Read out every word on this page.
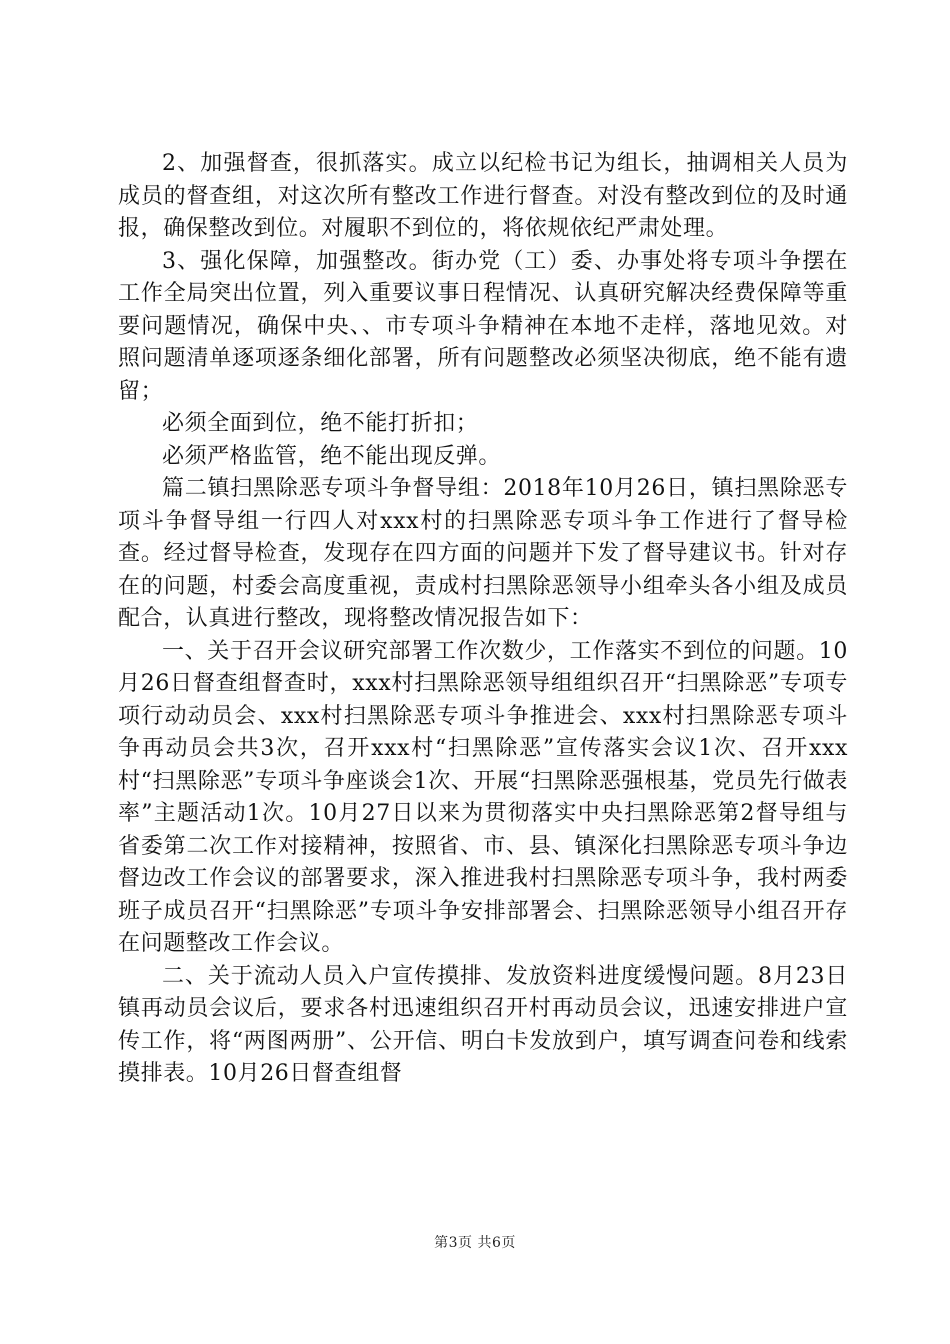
2、加强督查，很抓落实。成立以纪检书记为组长，抽调相关人员为成员的督查组，对这次所有整改工作进行督查。对没有整改到位的及时通报，确保整改到位。对履职不到位的，将依规依纪严肃处理。

3、强化保障，加强整改。街办党（工）委、办事处将专项斗争摆在工作全局突出位置，列入重要议事日程情况、认真研究解决经费保障等重要问题情况，确保中央、、市专项斗争精神在本地不走样，落地见效。对照问题清单逐项逐条细化部署，所有问题整改必须坚决彻底，绝不能有遗留；

必须全面到位，绝不能打折扣；

必须严格监管，绝不能出现反弹。

篇二镇扫黑除恶专项斗争督导组：2018年10月26日，镇扫黑除恶专项斗争督导组一行四人对xxx村的扫黑除恶专项斗争工作进行了督导检查。经过督导检查，发现存在四方面的问题并下发了督导建议书。针对存在的问题，村委会高度重视，责成村扫黑除恶领导小组牵头各小组及成员配合，认真进行整改，现将整改情况报告如下：

一、关于召开会议研究部署工作次数少，工作落实不到位的问题。10月26日督查组督查时，xxx村扫黑除恶领导组组织召开“扫黑除恶”专项专项行动动员会、xxx村扫黑除恶专项斗争推进会、xxx村扫黑除恶专项斗争再动员会共3次，召开xxx村“扫黑除恶”宣传落实会议1次、召开xxx村“扫黑除恶”专项斗争座谈会1次、开展“扫黑除恶强根基，党员先行做表率”主题活动1次。10月27日以来为贯彻落实中央扫黑除恶第2督导组与省委第二次工作对接精神，按照省、市、县、镇深化扫黑除恶专项斗争边督边改工作会议的部署要求，深入推进我村扫黑除恶专项斗争，我村两委班子成员召开“扫黑除恶”专项斗争安排部署会、扫黑除恶领导小组召开存在问题整改工作会议。

二、关于流动人员入户宣传摸排、发放资料进度缓慢问题。8月23日镇再动员会议后，要求各村迅速组织召开村再动员会议，迅速安排进户宣传工作，将“两图两册”、公开信、明白卡发放到户，填写调查问卷和线索摸排表。10月26日督查组督

第3页 共6页
